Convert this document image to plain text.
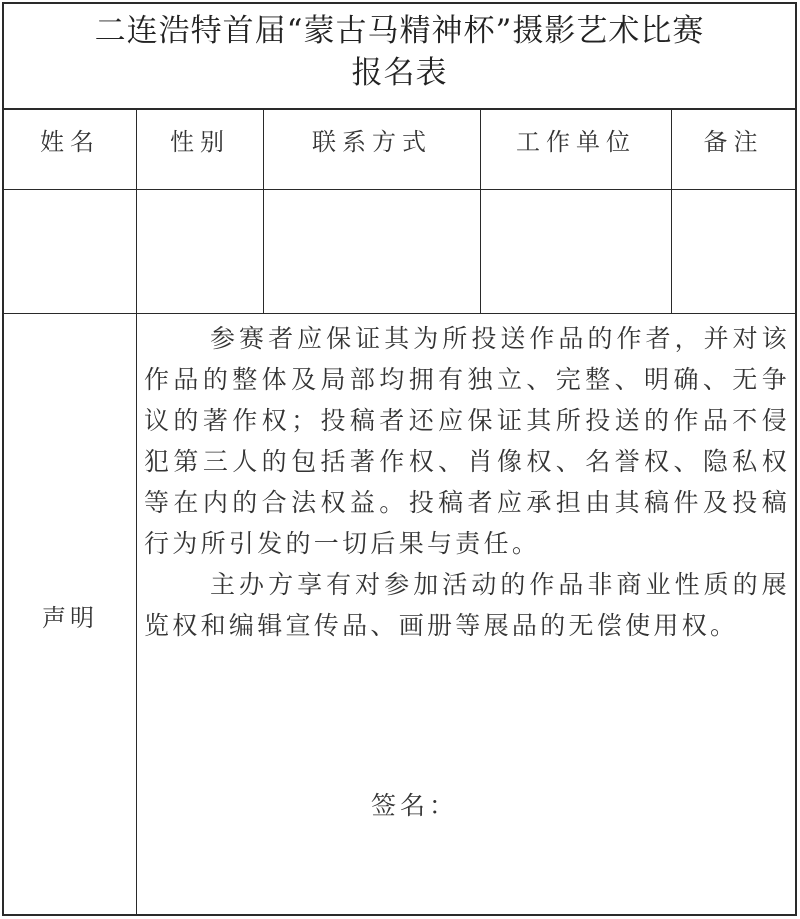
二连浩特首届“蒙古马精神杯”摄影艺术比赛
报名表
姓名	性别	联系方式	工作单位	备注
声明

参赛者应保证其为所投送作品的作者，并对该作品的整体及局部均拥有独立、完整、明确、无争议的著作权；投稿者还应保证其所投送的作品不侵犯第三人的包括著作权、肖像权、名誉权、隐私权等在内的合法权益。投稿者应承担由其稿件及投稿行为所引发的一切后果与责任。

主办方享有对参加活动的作品非商业性质的展览权和编辑宣传品、画册等展品的无偿使用权。

签名：
